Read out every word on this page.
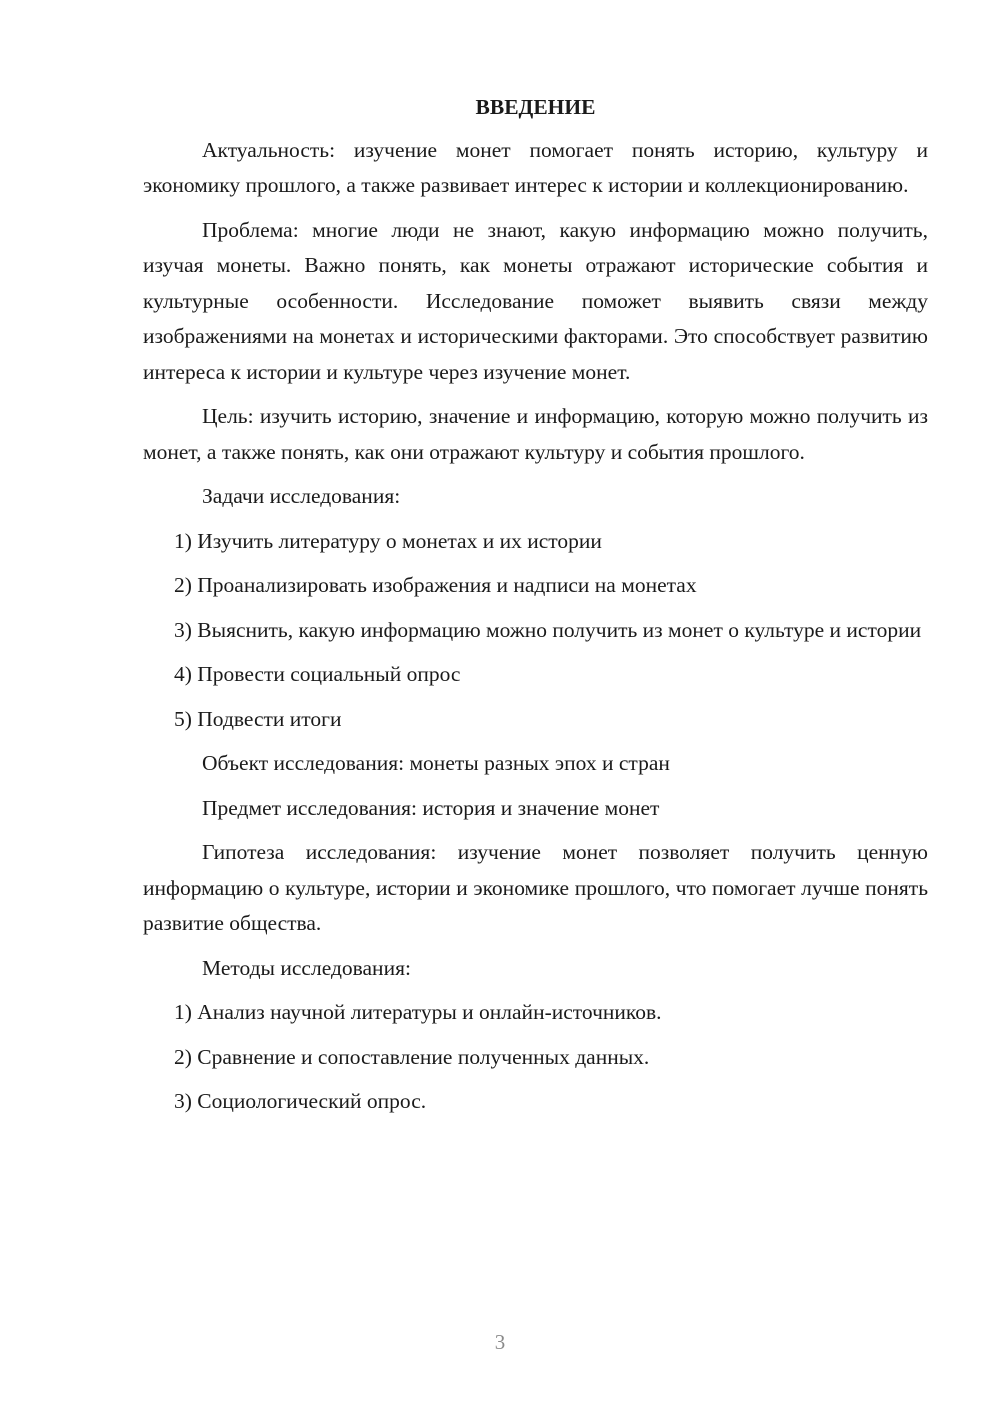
ВВЕДЕНИЕ

Актуальность: изучение монет помогает понять историю, культуру и экономику прошлого, а также развивает интерес к истории и коллекционированию.

Проблема: многие люди не знают, какую информацию можно получить, изучая монеты. Важно понять, как монеты отражают исторические события и культурные особенности. Исследование поможет выявить связи между изображениями на монетах и историческими факторами. Это способствует развитию интереса к истории и культуре через изучение монет.

Цель: изучить историю, значение и информацию, которую можно получить из монет, а также понять, как они отражают культуру и события прошлого.

Задачи исследования:

1) Изучить литературу о монетах и их истории

2) Проанализировать изображения и надписи на монетах

3) Выяснить, какую информацию можно получить из монет о культуре и истории

4) Провести социальный опрос

5) Подвести итоги

Объект исследования: монеты разных эпох и стран

Предмет исследования: история и значение монет

Гипотеза исследования: изучение монет позволяет получить ценную информацию о культуре, истории и экономике прошлого, что помогает лучше понять развитие общества.

Методы исследования:

1) Анализ научной литературы и онлайн-источников.

2) Сравнение и сопоставление полученных данных.

3) Социологический опрос.

3
